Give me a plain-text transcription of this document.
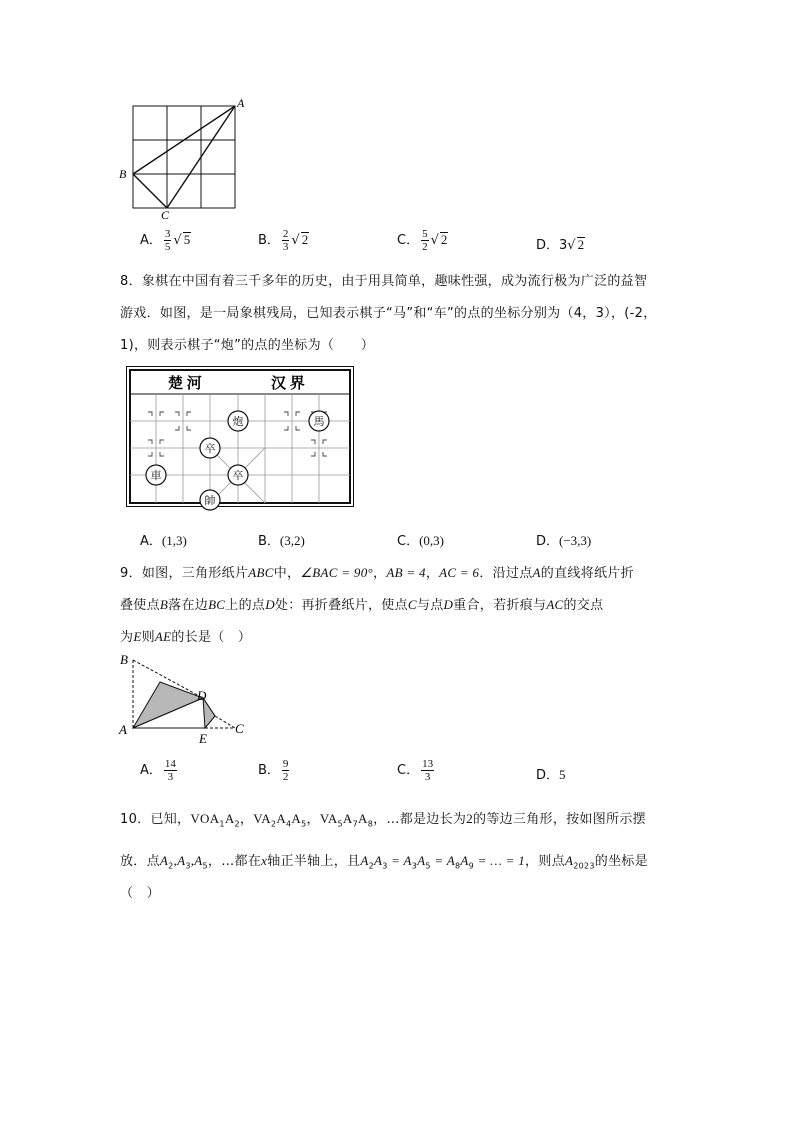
A
B
C
A． $\frac{3}{5}$ √ 5	B． $\frac{2}{3}$ √ 2	C． $\frac{5}{2}$ √ 2	D．3√ 2
8．象棋在中国有着三千多年的历史，由于用具简单，趣味性强，成为流行极为广泛的益智
游戏．如图，是一局象棋残局，已知表示棋子“马”和“车”的点的坐标分别为（4，3），(-2，
1)，则表示棋子“炮”的点的坐标为（　　）
楚 河	汉 界
炮	馬
卒
車	卒
帥
A．(1,3)	B．(3,2)	C．(0,3)	D．(−3,3)
9．如图，三角形纸片ABC中，∠BAC = 90°，AB = 4，AC = 6．沿过点A的直线将纸片折
叠使点B落在边BC上的点D处：再折叠纸片，使点C与点D重合，若折痕与AC的交点
为E则AE的长是（　）
B
A
D
E
C
A． $\frac{14}{3}$	B． $\frac{9}{2}$	C． $\frac{13}{3}$	D．5
10．已知，$VOA_1A_2$，$VA_2A_4A_5$，$VA_5A_7A_8$，…都是边长为2的等边三角形，按如图所示摆
放．点$A_2,A_3,A_5$，…都在x轴正半轴上，且$A_2A_3 = A_3A_5 = A_8A_9$ = … = 1，则点$A_{2023}$的坐标是
（　）
